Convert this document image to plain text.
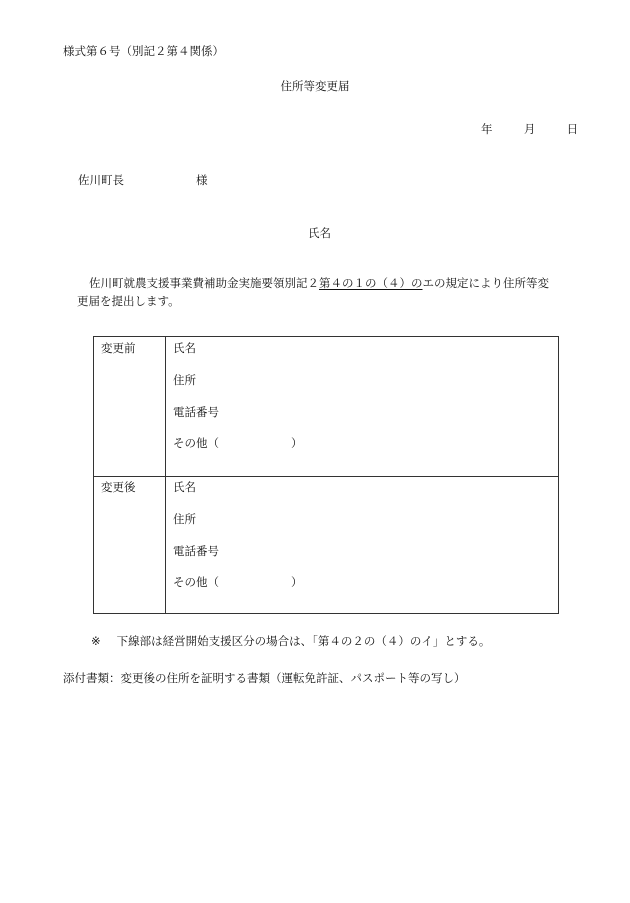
様式第６号（別記２第４関係）
住所等変更届
年	月	日
佐川町長	様
氏名
佐川町就農支援事業費補助金実施要領別記２第４の１の（４）のエの規定により住所等変
更届を提出します。
変更前	氏名
住所
電話番号
その他（	）
変更後	氏名
住所
電話番号
その他（	）
※ 下線部は経営開始支援区分の場合は、「第４の２の（４）のイ」とする。
添付書類：変更後の住所を証明する書類（運転免許証、パスポート等の写し）
